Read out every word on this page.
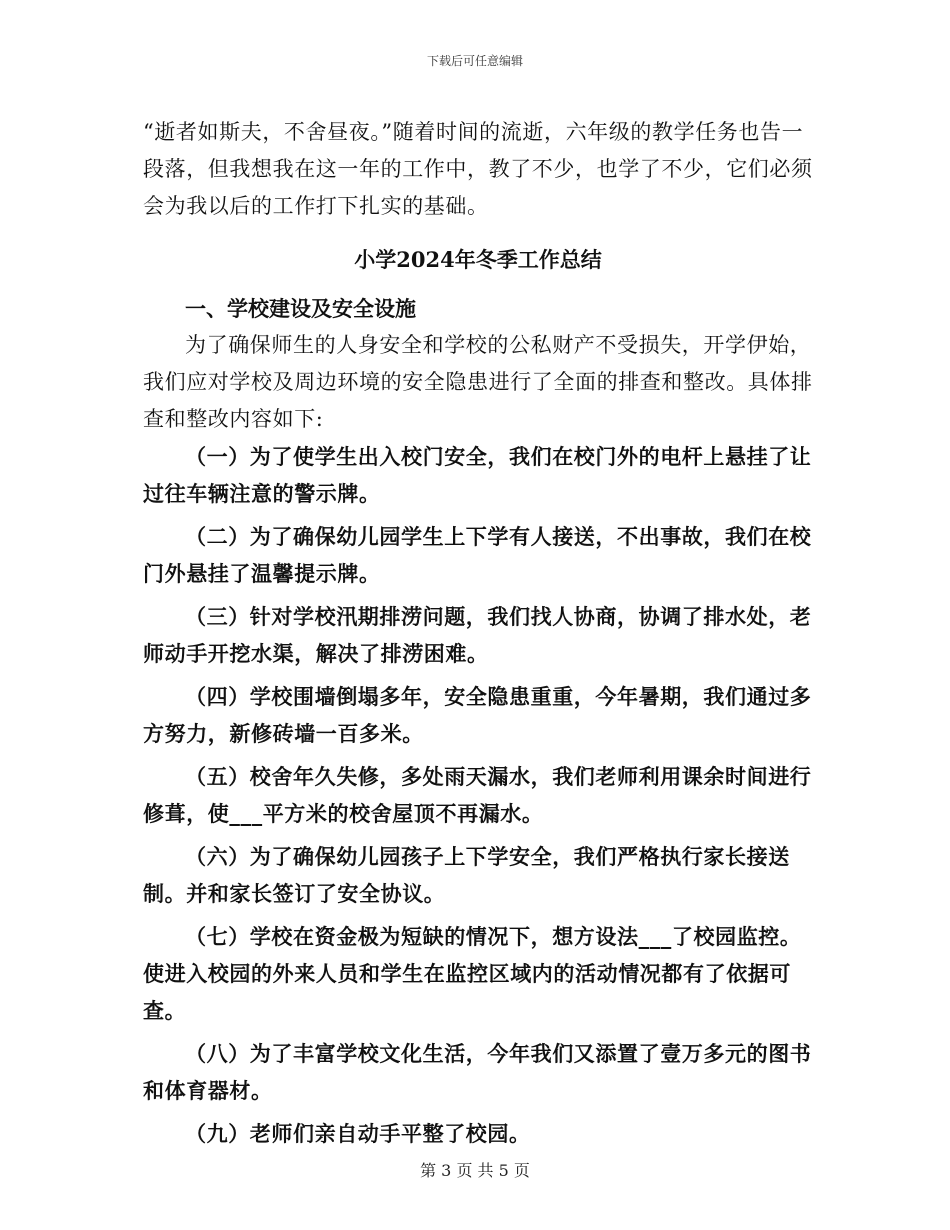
下载后可任意编辑

“逝者如斯夫，不舍昼夜。”随着时间的流逝，六年级的教学任务也告一段落，但我想我在这一年的工作中，教了不少，也学了不少，它们必须会为我以后的工作打下扎实的基础。

小学2024年冬季工作总结

一、学校建设及安全设施

为了确保师生的人身安全和学校的公私财产不受损失，开学伊始，我们应对学校及周边环境的安全隐患进行了全面的排查和整改。具体排查和整改内容如下:

（一）为了使学生出入校门安全，我们在校门外的电杆上悬挂了让过往车辆注意的警示牌。

（二）为了确保幼儿园学生上下学有人接送，不出事故，我们在校门外悬挂了温馨提示牌。

（三）针对学校汛期排涝问题，我们找人协商，协调了排水处，老师动手开挖水渠，解决了排涝困难。

（四）学校围墙倒塌多年，安全隐患重重，今年暑期，我们通过多方努力，新修砖墙一百多米。

（五）校舍年久失修，多处雨天漏水，我们老师利用课余时间进行修葺，使___平方米的校舍屋顶不再漏水。

（六）为了确保幼儿园孩子上下学安全，我们严格执行家长接送制。并和家长签订了安全协议。

（七）学校在资金极为短缺的情况下，想方设法___了校园监控。使进入校园的外来人员和学生在监控区域内的活动情况都有了依据可查。

（八）为了丰富学校文化生活，今年我们又添置了壹万多元的图书和体育器材。

（九）老师们亲自动手平整了校园。

第 3 页 共 5 页
